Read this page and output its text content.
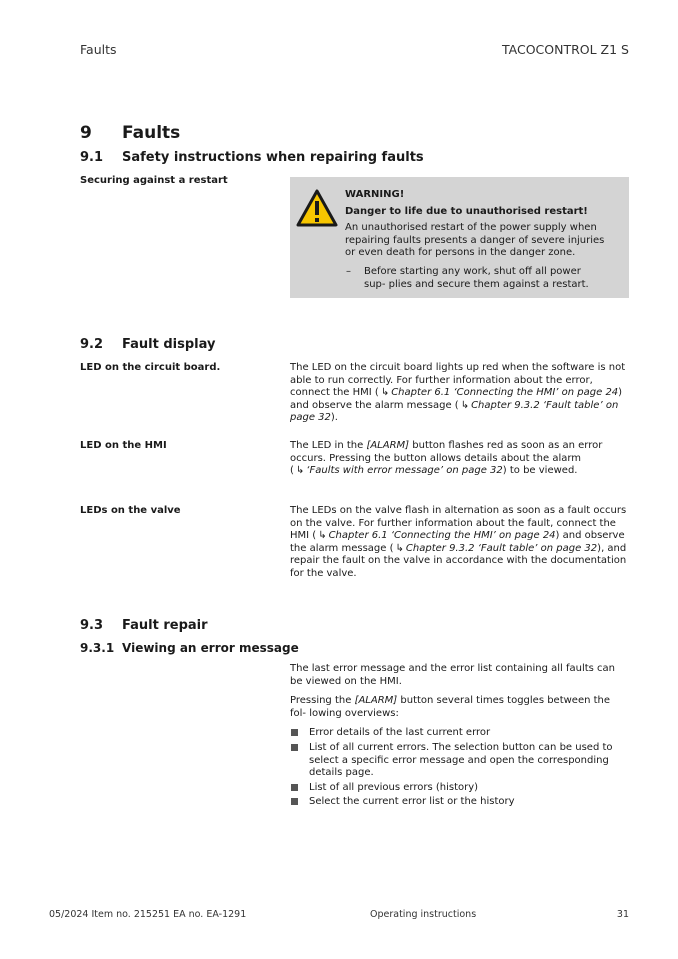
Faults	TACOCONTROL Z1 S
9 Faults
9.1 Safety instructions when repairing faults
Securing against a restart
WARNING!
Danger to life due to unauthorised restart!
An unauthorised restart of the power supply when repairing faults presents a danger of severe injuries or even death for persons in the danger zone.
– Before starting any work, shut off all power sup- plies and secure them against a restart.
9.2 Fault display
LED on the circuit board.	The LED on the circuit board lights up red when the software is not able to run correctly. For further information about the error, connect the HMI ( ↳ Chapter 6.1 ‘Connecting the HMI’ on page 24) and observe the alarm message ( ↳ Chapter 9.3.2 ‘Fault table’ on page 32).
LED on the HMI	The LED in the [ALARM] button flashes red as soon as an error occurs. Pressing the button allows details about the alarm ( ↳ ‘Faults with error message’ on page 32) to be viewed.
LEDs on the valve	The LEDs on the valve flash in alternation as soon as a fault occurs on the valve. For further information about the fault, connect the HMI ( ↳ Chapter 6.1 ‘Connecting the HMI’ on page 24) and observe the alarm message ( ↳ Chapter 9.3.2 ‘Fault table’ on page 32), and repair the fault on the valve in accordance with the documentation for the valve.
9.3 Fault repair
9.3.1 Viewing an error message

The last error message and the error list containing all faults can be viewed on the HMI.

Pressing the [ALARM] button several times toggles between the fol- lowing overviews:

Error details of the last current error
List of all current errors. The selection button can be used to select a specific error message and open the corresponding details page.
List of all previous errors (history)
Select the current error list or the history
05/2024 Item no. 215251 EA no. EA-1291	Operating instructions	31
